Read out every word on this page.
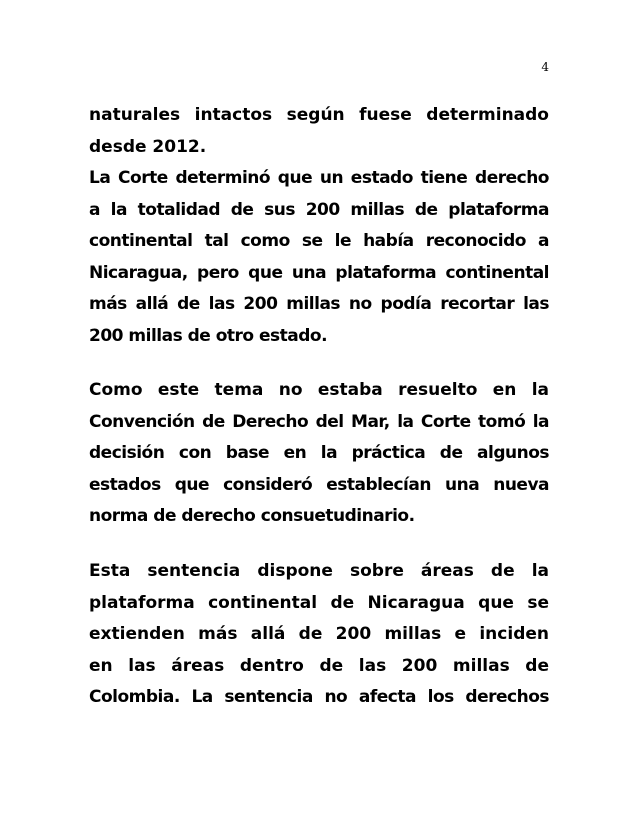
4
naturales intactos según fuese determinado
desde 2012.
La Corte determinó que un estado tiene derecho
a la totalidad de sus 200 millas de plataforma
continental tal como se le había reconocido a
Nicaragua, pero que una plataforma continental
más allá de las 200 millas no podía recortar las
200 millas de otro estado.
Como este tema no estaba resuelto en la
Convención de Derecho del Mar, la Corte tomó la
decisión con base en la práctica de algunos
estados que consideró establecían una nueva
norma de derecho consuetudinario.
Esta sentencia dispone sobre áreas de la
plataforma continental de Nicaragua que se
extienden más allá de 200 millas e inciden
en las áreas dentro de las 200 millas de
Colombia. La sentencia no afecta los derechos
